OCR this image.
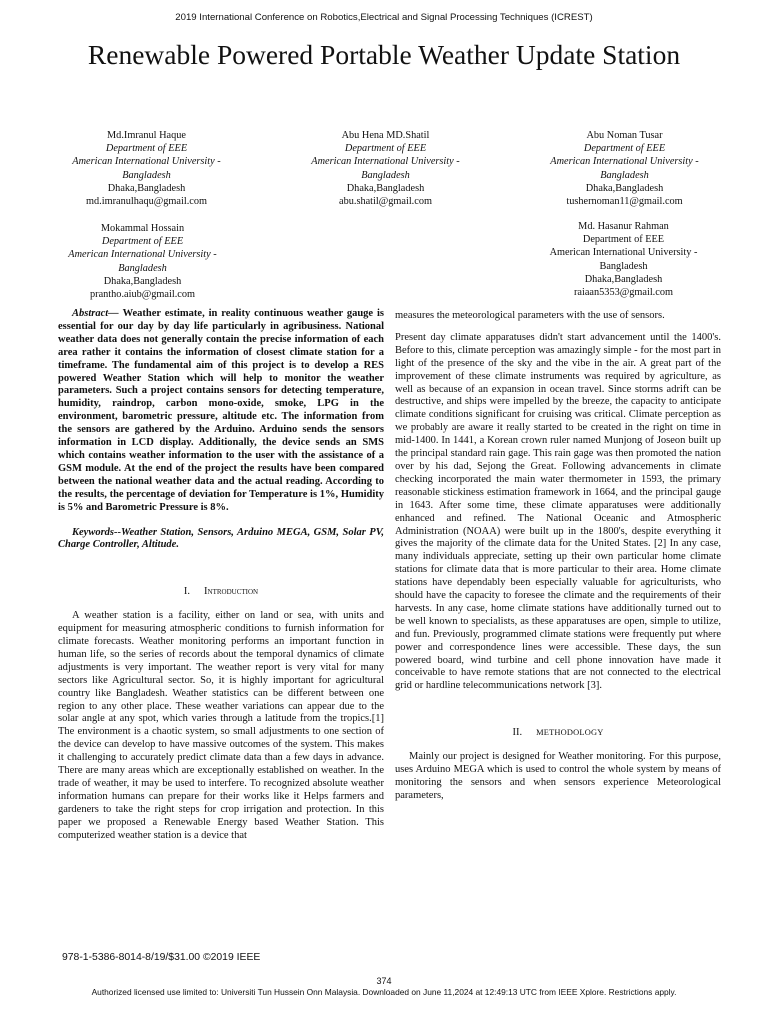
2019 International Conference on Robotics,Electrical and Signal Processing Techniques (ICREST)
Renewable Powered Portable Weather Update Station
Md.Imranul Haque
Department of EEE
American International University -
Bangladesh
Dhaka,Bangladesh
md.imranulhaqu@gmail.com
Abu Hena MD.Shatil
Department of EEE
American International University -
Bangladesh
Dhaka,Bangladesh
abu.shatil@gmail.com
Abu Noman Tusar
Department of EEE
American International University -
Bangladesh
Dhaka,Bangladesh
tushernoman11@gmail.com
Mokammal Hossain
Department of EEE
American International University -
Bangladesh
Dhaka,Bangladesh
prantho.aiub@gmail.com
Md. Hasanur Rahman
Department of EEE
American International University -
Bangladesh
Dhaka,Bangladesh
raiaan5353@gmail.com

Abstract— Weather estimate, in reality continuous weather gauge is essential for our day by day life particularly in agribusiness. National weather data does not generally contain the precise information of each area rather it contains the information of closest climate station for a timeframe. The fundamental aim of this project is to develop a RES powered Weather Station which will help to monitor the weather parameters. Such a project contains sensors for detecting temperature, humidity, raindrop, carbon mono-oxide, smoke, LPG in the environment, barometric pressure, altitude etc. The information from the sensors are gathered by the Arduino. Arduino sends the sensors information in LCD display. Additionally, the device sends an SMS which contains weather information to the user with the assistance of a GSM module. At the end of the project the results have been compared between the national weather data and the actual reading. According to the results, the percentage of deviation for Temperature is 1%, Humidity is 5% and Barometric Pressure is 8%.

Keywords--Weather Station, Sensors, Arduino MEGA, GSM, Solar PV, Charge Controller, Altitude.

I. Introduction

A weather station is a facility, either on land or sea, with units and equipment for measuring atmospheric conditions to furnish information for climate forecasts. Weather monitoring performs an important function in human life, so the series of records about the temporal dynamics of climate adjustments is very important. The weather report is very vital for many sectors like Agricultural sector. So, it is highly important for agricultural country like Bangladesh. Weather statistics can be different between one region to any other place. These weather variations can appear due to the solar angle at any spot, which varies through a latitude from the tropics.[1] The environment is a chaotic system, so small adjustments to one section of the device can develop to have massive outcomes of the system. This makes it challenging to accurately predict climate data than a few days in advance. There are many areas which are exceptionally established on weather. In the trade of weather, it may be used to interfere. To recognized absolute weather information humans can prepare for their works like it Helps farmers and gardeners to take the right steps for crop irrigation and protection. In this paper we proposed a Renewable Energy based Weather Station. This computerized weather station is a device that

measures the meteorological parameters with the use of sensors.

Present day climate apparatuses didn't start advancement until the 1400's. Before to this, climate perception was amazingly simple - for the most part in light of the presence of the sky and the vibe in the air. A great part of the improvement of these climate instruments was required by agriculture, as well as because of an expansion in ocean travel. Since storms adrift can be destructive, and ships were impelled by the breeze, the capacity to anticipate climate conditions significant for cruising was critical. Climate perception as we probably are aware it really started to be created in the right on time in mid-1400. In 1441, a Korean crown ruler named Munjong of Joseon built up the principal standard rain gage. This rain gage was then promoted the nation over by his dad, Sejong the Great. Following advancements in climate checking incorporated the main water thermometer in 1593, the primary reasonable stickiness estimation framework in 1664, and the principal gauge in 1643. After some time, these climate apparatuses were additionally enhanced and refined. The National Oceanic and Atmospheric Administration (NOAA) were built up in the 1800's, despite everything it gives the majority of the climate data for the United States. [2] In any case, many individuals appreciate, setting up their own particular home climate stations for climate data that is more particular to their area. Home climate stations have dependably been especially valuable for agriculturists, who should have the capacity to foresee the climate and the requirements of their harvests. In any case, home climate stations have additionally turned out to be well known to specialists, as these apparatuses are open, simple to utilize, and fun. Previously, programmed climate stations were frequently put where power and correspondence lines were accessible. These days, the sun powered board, wind turbine and cell phone innovation have made it conceivable to have remote stations that are not connected to the electrical grid or hardline telecommunications network [3].

II. METHODOLOGY

Mainly our project is designed for Weather monitoring. For this purpose, uses Arduino MEGA which is used to control the whole system by means of monitoring the sensors and when sensors experience Meteorological parameters,

978-1-5386-8014-8/19/$31.00 ©2019 IEEE
374
Authorized licensed use limited to: Universiti Tun Hussein Onn Malaysia. Downloaded on June 11,2024 at 12:49:13 UTC from IEEE Xplore. Restrictions apply.
